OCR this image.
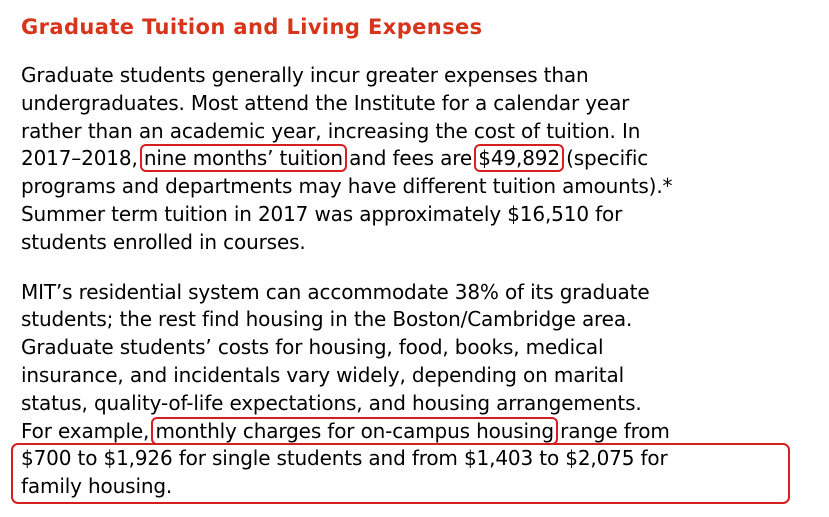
Graduate Tuition and Living Expenses

Graduate students generally incur greater expenses than
undergraduates. Most attend the Institute for a calendar year
rather than an academic year, increasing the cost of tuition. In
2017–2018, nine months’ tuition and fees are $49,892 (specific
programs and departments may have different tuition amounts).*
Summer term tuition in 2017 was approximately $16,510 for
students enrolled in courses.

MIT’s residential system can accommodate 38% of its graduate
students; the rest find housing in the Boston/Cambridge area.
Graduate students’ costs for housing, food, books, medical
insurance, and incidentals vary widely, depending on marital
status, quality-of-life expectations, and housing arrangements.
For example, monthly charges for on-campus housing range from
$700 to $1,926 for single students and from $1,403 to $2,075 for
family housing.
